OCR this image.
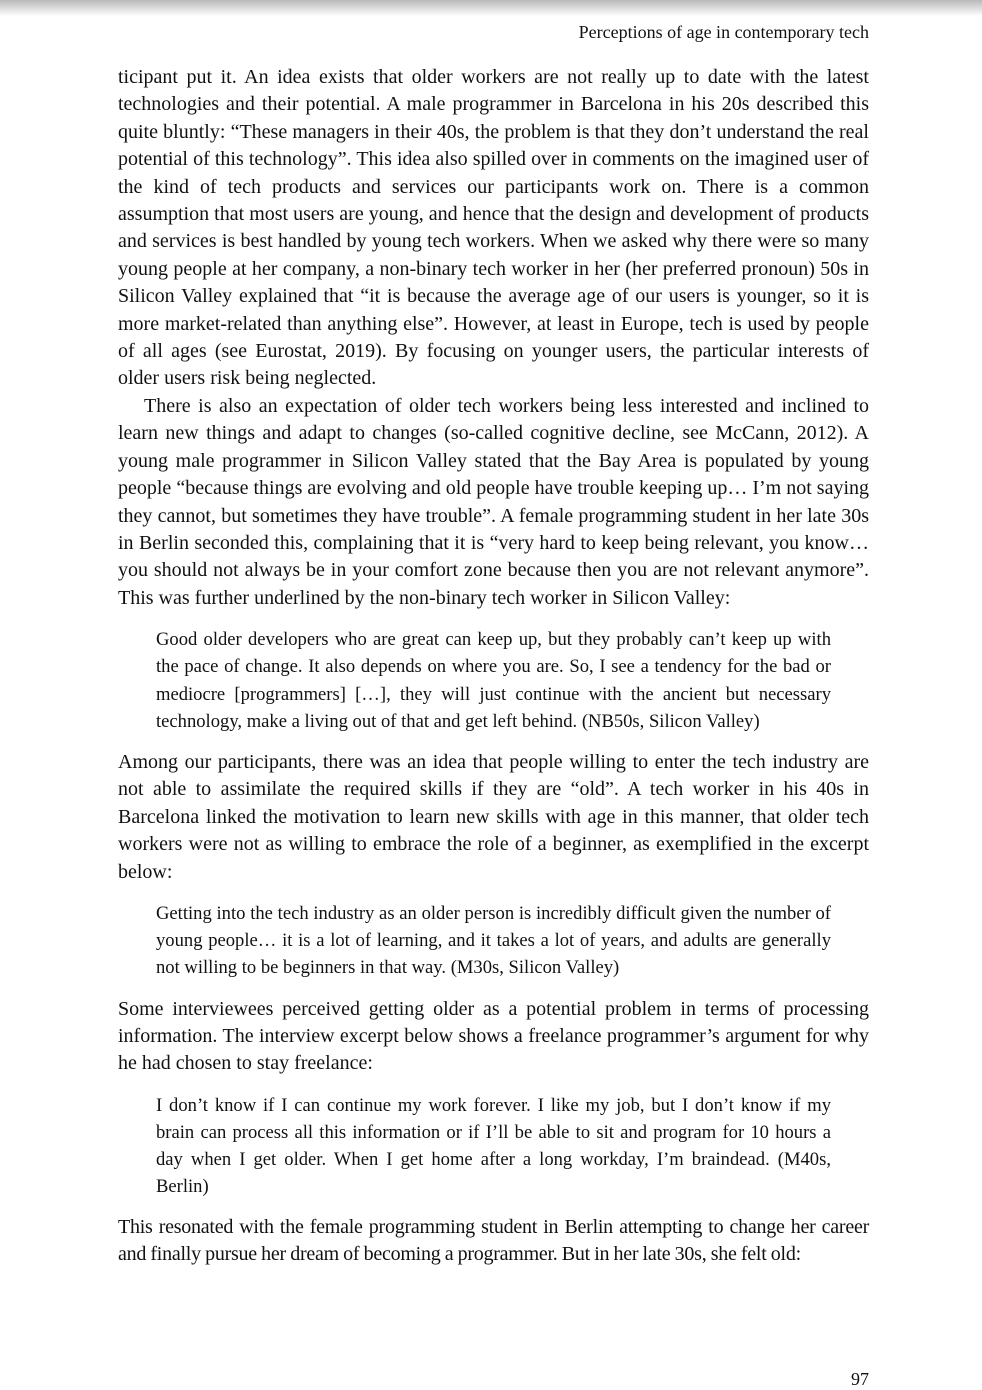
Perceptions of age in contemporary tech

ticipant put it. An idea exists that older workers are not really up to date with the latest technologies and their potential. A male programmer in Barcelona in his 20s described this quite bluntly: “These managers in their 40s, the problem is that they don’t understand the real potential of this technology”. This idea also spilled over in comments on the imagined user of the kind of tech products and services our participants work on. There is a common assumption that most users are young, and hence that the design and development of products and services is best handled by young tech workers. When we asked why there were so many young people at her company, a non-binary tech worker in her (her preferred pronoun) 50s in Silicon Valley explained that “it is because the average age of our users is younger, so it is more market-related than anything else”. However, at least in Europe, tech is used by people of all ages (see Eurostat, 2019). By focusing on younger users, the particular interests of older users risk being neglected.

There is also an expectation of older tech workers being less interested and inclined to learn new things and adapt to changes (so-called cognitive decline, see McCann, 2012). A young male programmer in Silicon Valley stated that the Bay Area is populated by young people “because things are evolving and old people have trouble keeping up… I’m not saying they cannot, but sometimes they have trouble”. A female programming student in her late 30s in Berlin seconded this, complaining that it is “very hard to keep being relevant, you know… you should not always be in your comfort zone because then you are not relevant anymore”. This was further underlined by the non-binary tech worker in Silicon Valley:

Good older developers who are great can keep up, but they probably can’t keep up with the pace of change. It also depends on where you are. So, I see a tendency for the bad or mediocre [programmers] […], they will just continue with the ancient but necessary technology, make a living out of that and get left behind. (NB50s, Silicon Valley)

Among our participants, there was an idea that people willing to enter the tech industry are not able to assimilate the required skills if they are “old”. A tech worker in his 40s in Barcelona linked the motivation to learn new skills with age in this manner, that older tech workers were not as willing to embrace the role of a beginner, as exemplified in the excerpt below:

Getting into the tech industry as an older person is incredibly difficult given the number of young people… it is a lot of learning, and it takes a lot of years, and adults are generally not willing to be beginners in that way. (M30s, Silicon Valley)

Some interviewees perceived getting older as a potential problem in terms of processing information. The interview excerpt below shows a freelance programmer’s argument for why he had chosen to stay freelance:

I don’t know if I can continue my work forever. I like my job, but I don’t know if my brain can process all this information or if I’ll be able to sit and program for 10 hours a day when I get older. When I get home after a long workday, I’m braindead. (M40s, Berlin)

This resonated with the female programming student in Berlin attempting to change her career and finally pursue her dream of becoming a programmer. But in her late 30s, she felt old:

97
